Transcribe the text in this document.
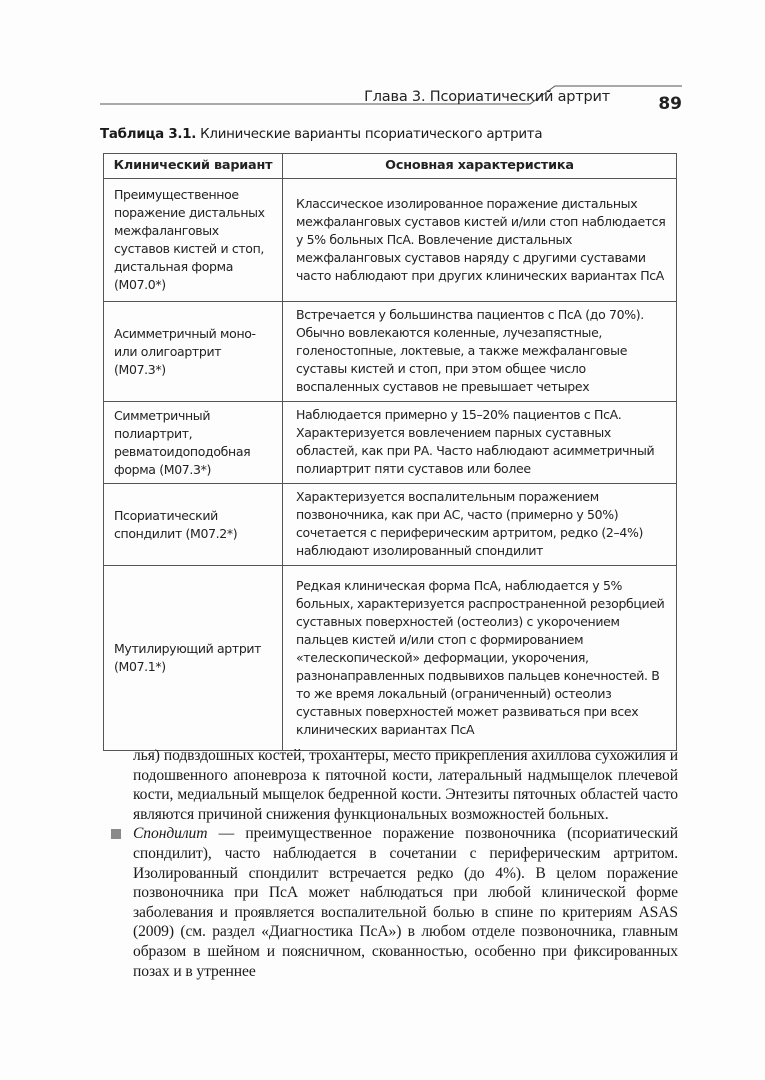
Глава 3. Псориатический артрит	89
Таблица 3.1. Клинические варианты псориатического артрита
Клинический вариант	Основная характеристика
Преимущественное поражение дистальных межфаланговых суставов кистей и стоп, дистальная форма (М07.0*)	Классическое изолированное поражение дистальных межфаланговых суставов кистей и/или стоп наблюдается у 5% больных ПсА. Вовлечение дистальных межфаланговых суставов наряду с другими суставами часто наблюдают при других клинических вариантах ПсА
Асимметричный моно- или олигоартрит (М07.3*)	Встречается у большинства пациентов с ПсА (до 70%). Обычно вовлекаются коленные, лучезапястные, голеностопные, локтевые, а также межфаланговые суставы кистей и стоп, при этом общее число воспаленных суставов не превышает четырех
Симметричный полиартрит, ревматоидоподобная форма (М07.3*)	Наблюдается примерно у 15–20% пациентов с ПсА. Характеризуется вовлечением парных суставных областей, как при РА. Часто наблюдают асимметричный полиартрит пяти суставов или более
Псориатический спондилит (М07.2*)	Характеризуется воспалительным поражением позвоночника, как при АС, часто (примерно у 50%) сочетается с периферическим артритом, редко (2–4%) наблюдают изолированный спондилит
Мутилирующий артрит (М07.1*)	Редкая клиническая форма ПсА, наблюдается у 5% больных, характеризуется распространенной резорбцией суставных поверхностей (остеолиз) с укорочением пальцев кистей и/или стоп с формированием «телескопической» деформации, укорочения, разнонаправленных подвывихов пальцев конечностей. В то же время локальный (ограниченный) остеолиз суставных поверхностей может развиваться при всех клинических вариантах ПсА

лья) подвздошных костей, трохантеры, место прикрепления ахиллова сухожилия и подошвенного апоневроза к пяточной кости, латеральный надмыщелок плечевой кости, медиальный мыщелок бедренной кости. Энтезиты пяточных областей часто являются причиной снижения функциональных возможностей больных.

Спондилит — преимущественное поражение позвоночника (псориатический спондилит), часто наблюдается в сочетании с периферическим артритом. Изолированный спондилит встречается редко (до 4%). В целом поражение позвоночника при ПсА может наблюдаться при любой клинической форме заболевания и проявляется воспалительной болью в спине по критериям ASAS (2009) (см. раздел «Диагностика ПсА») в любом отделе позвоночника, главным образом в шейном и поясничном, скованностью, особенно при фиксированных позах и в утреннее
